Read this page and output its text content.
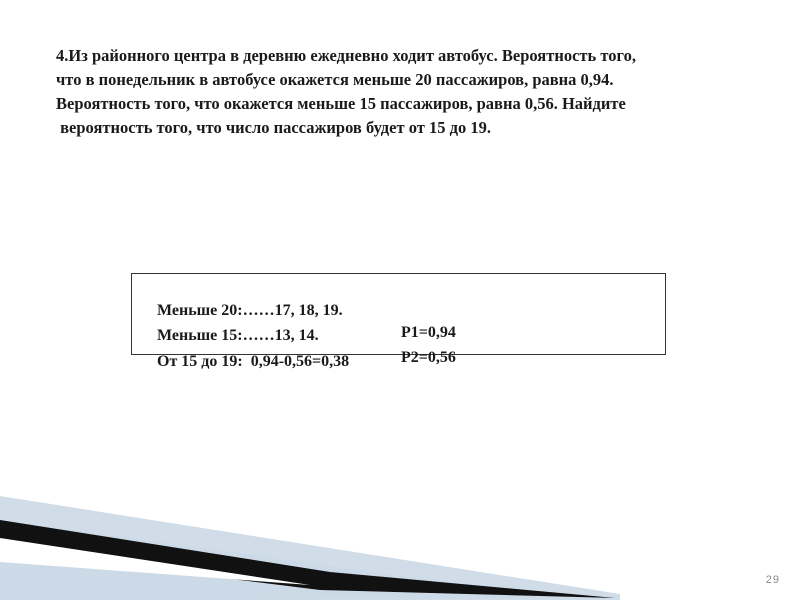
4.Из районного центра в деревню ежедневно ходит автобус. Вероятность того,
что в понедельник в автобусе окажется меньше 20 пассажиров, равна 0,94.
Вероятность того, что окажется меньше 15 пассажиров, равна 0,56. Найдите
вероятность того, что число пассажиров будет от 15 до 19.

Меньше 20:……17, 18, 19.

Р1=0,94

Меньше 15:……13, 14.

Р2=0,56

От 15 до 19:  0,94-0,56=0,38

29
